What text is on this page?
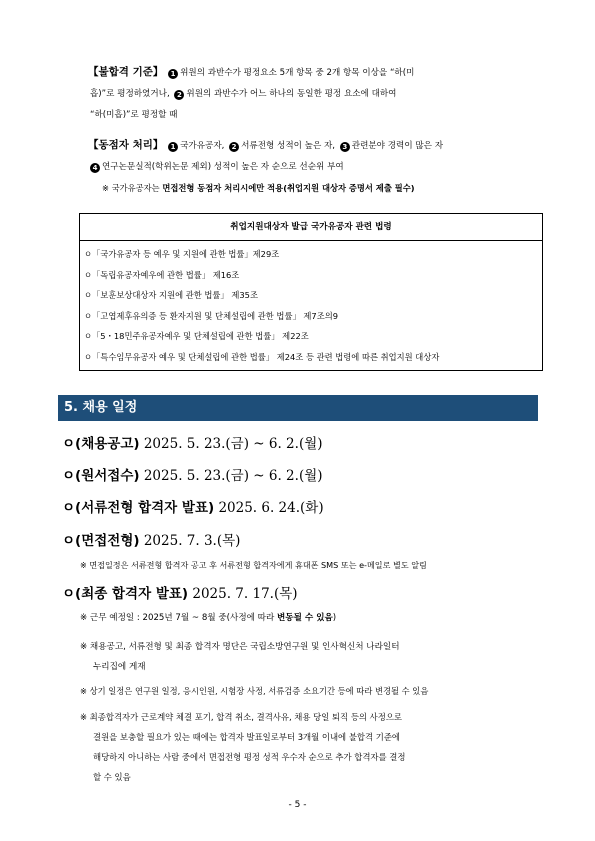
【불합격 기준】 1 위원의 과반수가 평정요소 5개 항목 중 2개 항목 이상을 “하(미
흡)”로 평정하였거나, 2 위원의 과반수가 어느 하나의 동일한 평정 요소에 대하여
“하(미흡)”로 평정할 때
【동점자 처리】 1 국가유공자, 2 서류전형 성적이 높은 자, 3 관련분야 경력이 많은 자
4 연구논문실적(학위논문 제외) 성적이 높은 자 순으로 선순위 부여
※ 국가유공자는 면접전형 동점자 처리시에만 적용(취업지원 대상자 증명서 제출 필수)
취업지원대상자 발급 국가유공자 관련 법령
ㅇ「국가유공자 등 예우 및 지원에 관한 법률」제29조
ㅇ「독립유공자예우에 관한 법률」 제16조
ㅇ「보훈보상대상자 지원에 관한 법률」 제35조
ㅇ「고엽제후유의증 등 환자지원 및 단체설립에 관한 법률」 제7조의9
ㅇ「5・18민주유공자예우 및 단체설립에 관한 법률」 제22조
ㅇ「특수임무유공자 예우 및 단체설립에 관한 법률」 제24조 등 관련 법령에 따른 취업지원 대상자
5. 채용 일정
ㅇ(채용공고) 2025. 5. 23.(금) ~ 6. 2.(월)
ㅇ(원서접수) 2025. 5. 23.(금) ~ 6. 2.(월)
ㅇ(서류전형 합격자 발표) 2025. 6. 24.(화)
ㅇ(면접전형) 2025. 7. 3.(목)
※ 면접일정은 서류전형 합격자 공고 후 서류전형 합격자에게 휴대폰 SMS 또는 e-메일로 별도 알림
ㅇ(최종 합격자 발표) 2025. 7. 17.(목)
※ 근무 예정일 : 2025년 7월 ~ 8월 중(사정에 따라 변동될 수 있음)
※ 채용공고, 서류전형 및 최종 합격자 명단은 국립소방연구원 및 인사혁신처 나라일터
누리집에 게재
※ 상기 일정은 연구원 일정, 응시인원, 시험장 사정, 서류검증 소요기간 등에 따라 변경될 수 있음
※ 최종합격자가 근로계약 체결 포기, 합격 취소, 결격사유, 채용 당일 퇴직 등의 사정으로
결원을 보충할 필요가 있는 때에는 합격자 발표일로부터 3개월 이내에 불합격 기준에
해당하지 아니하는 사람 중에서 면접전형 평정 성적 우수자 순으로 추가 합격자를 결정
할 수 있음
- 5 -
